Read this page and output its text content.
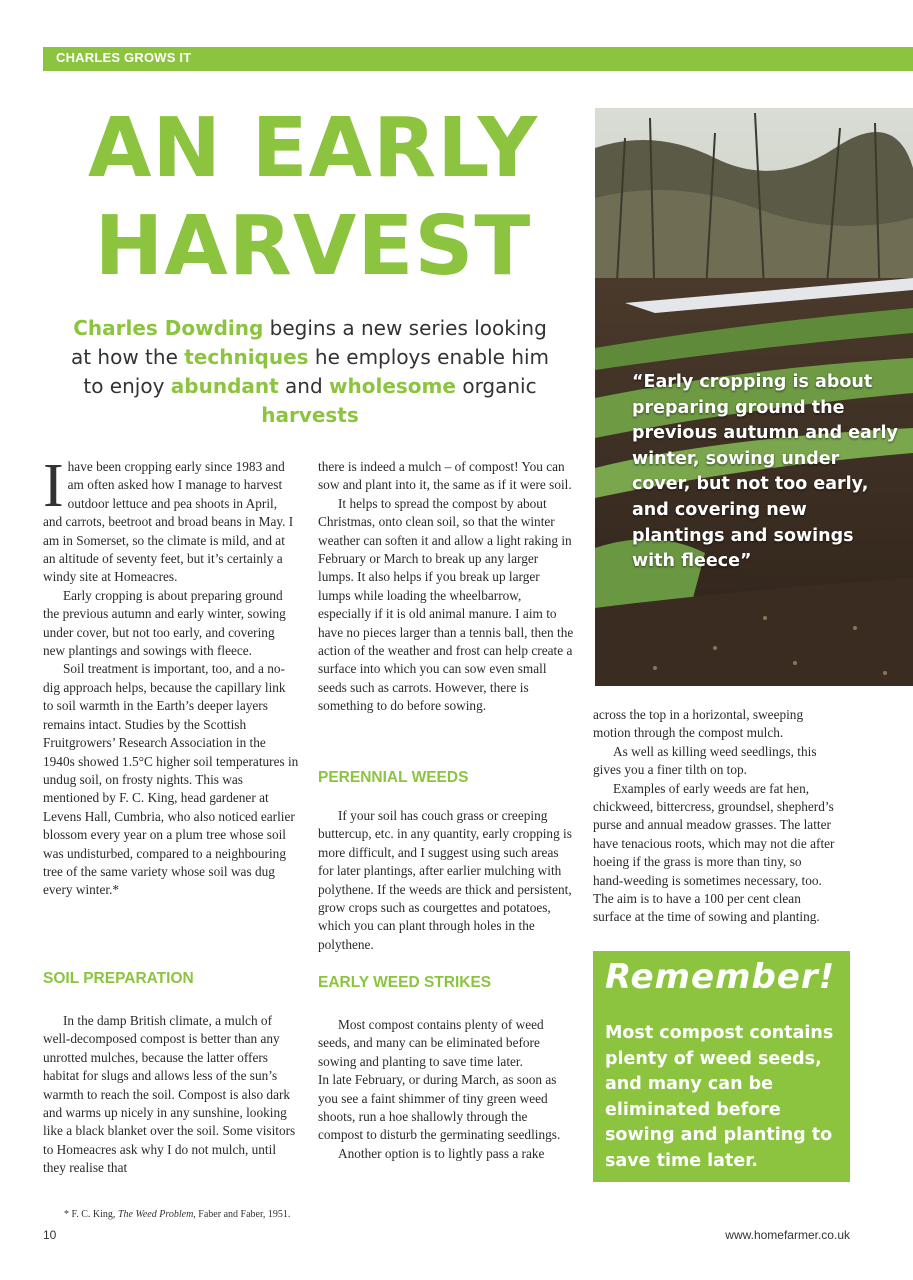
CHARLES GROWS IT
AN EARLY
HARVEST
Charles Dowding begins a new series looking at how the techniques he employs enable him to enjoy abundant and wholesome organic harvests
“Early cropping is about preparing ground the previous autumn and early winter, sowing under cover, but not too early, and covering new plantings and sowings with fleece”
I have been cropping early since 1983 and am often asked how I manage to harvest outdoor lettuce and pea shoots in April, and carrots, beetroot and broad beans in May. I am in Somerset, so the climate is mild, and at an altitude of seventy feet, but it’s certainly a windy site at Homeacres.

Early cropping is about preparing ground the previous autumn and early winter, sowing under cover, but not too early, and covering new plantings and sowings with fleece.

Soil treatment is important, too, and a no-dig approach helps, because the capillary link to soil warmth in the Earth’s deeper layers remains intact. Studies by the Scottish Fruitgrowers’ Research Association in the 1940s showed 1.5°C higher soil temperatures in undug soil, on frosty nights. This was mentioned by F. C. King, head gardener at Levens Hall, Cumbria, who also noticed earlier blossom every year on a plum tree whose soil was undisturbed, compared to a neighbouring tree of the same variety whose soil was dug every winter.*

SOIL PREPARATION

In the damp British climate, a mulch of well-decomposed compost is better than any unrotted mulches, because the latter offers habitat for slugs and allows less of the sun’s warmth to reach the soil. Compost is also dark and warms up nicely in any sunshine, looking like a black blanket over the soil. Some visitors to Homeacres ask why I do not mulch, until they realise that

there is indeed a mulch – of compost! You can sow and plant into it, the same as if it were soil.

It helps to spread the compost by about Christmas, onto clean soil, so that the winter weather can soften it and allow a light raking in February or March to break up any larger lumps. It also helps if you break up larger lumps while loading the wheelbarrow, especially if it is old animal manure. I aim to have no pieces larger than a tennis ball, then the action of the weather and frost can help create a surface into which you can sow even small seeds such as carrots. However, there is something to do before sowing.

PERENNIAL WEEDS

If your soil has couch grass or creeping buttercup, etc. in any quantity, early cropping is more difficult, and I suggest using such areas for later plantings, after earlier mulching with polythene. If the weeds are thick and persistent, grow crops such as courgettes and potatoes, which you can plant through holes in the polythene.

EARLY WEED STRIKES

Most compost contains plenty of weed seeds, and many can be eliminated before sowing and planting to save time later.

In late February, or during March, as soon as you see a faint shimmer of tiny green weed shoots, run a hoe shallowly through the compost to disturb the germinating seedlings.

Another option is to lightly pass a rake

across the top in a horizontal, sweeping motion through the compost mulch.

As well as killing weed seedlings, this gives you a finer tilth on top.

Examples of early weeds are fat hen, chickweed, bittercress, groundsel, shepherd’s purse and annual meadow grasses. The latter have tenacious roots, which may not die after hoeing if the grass is more than tiny, so hand-weeding is sometimes necessary, too. The aim is to have a 100 per cent clean surface at the time of sowing and planting.

Remember!
Most compost contains plenty of weed seeds, and many can be eliminated before sowing and planting to save time later.
* F. C. King, The Weed Problem, Faber and Faber, 1951.
10	www.homefarmer.co.uk
